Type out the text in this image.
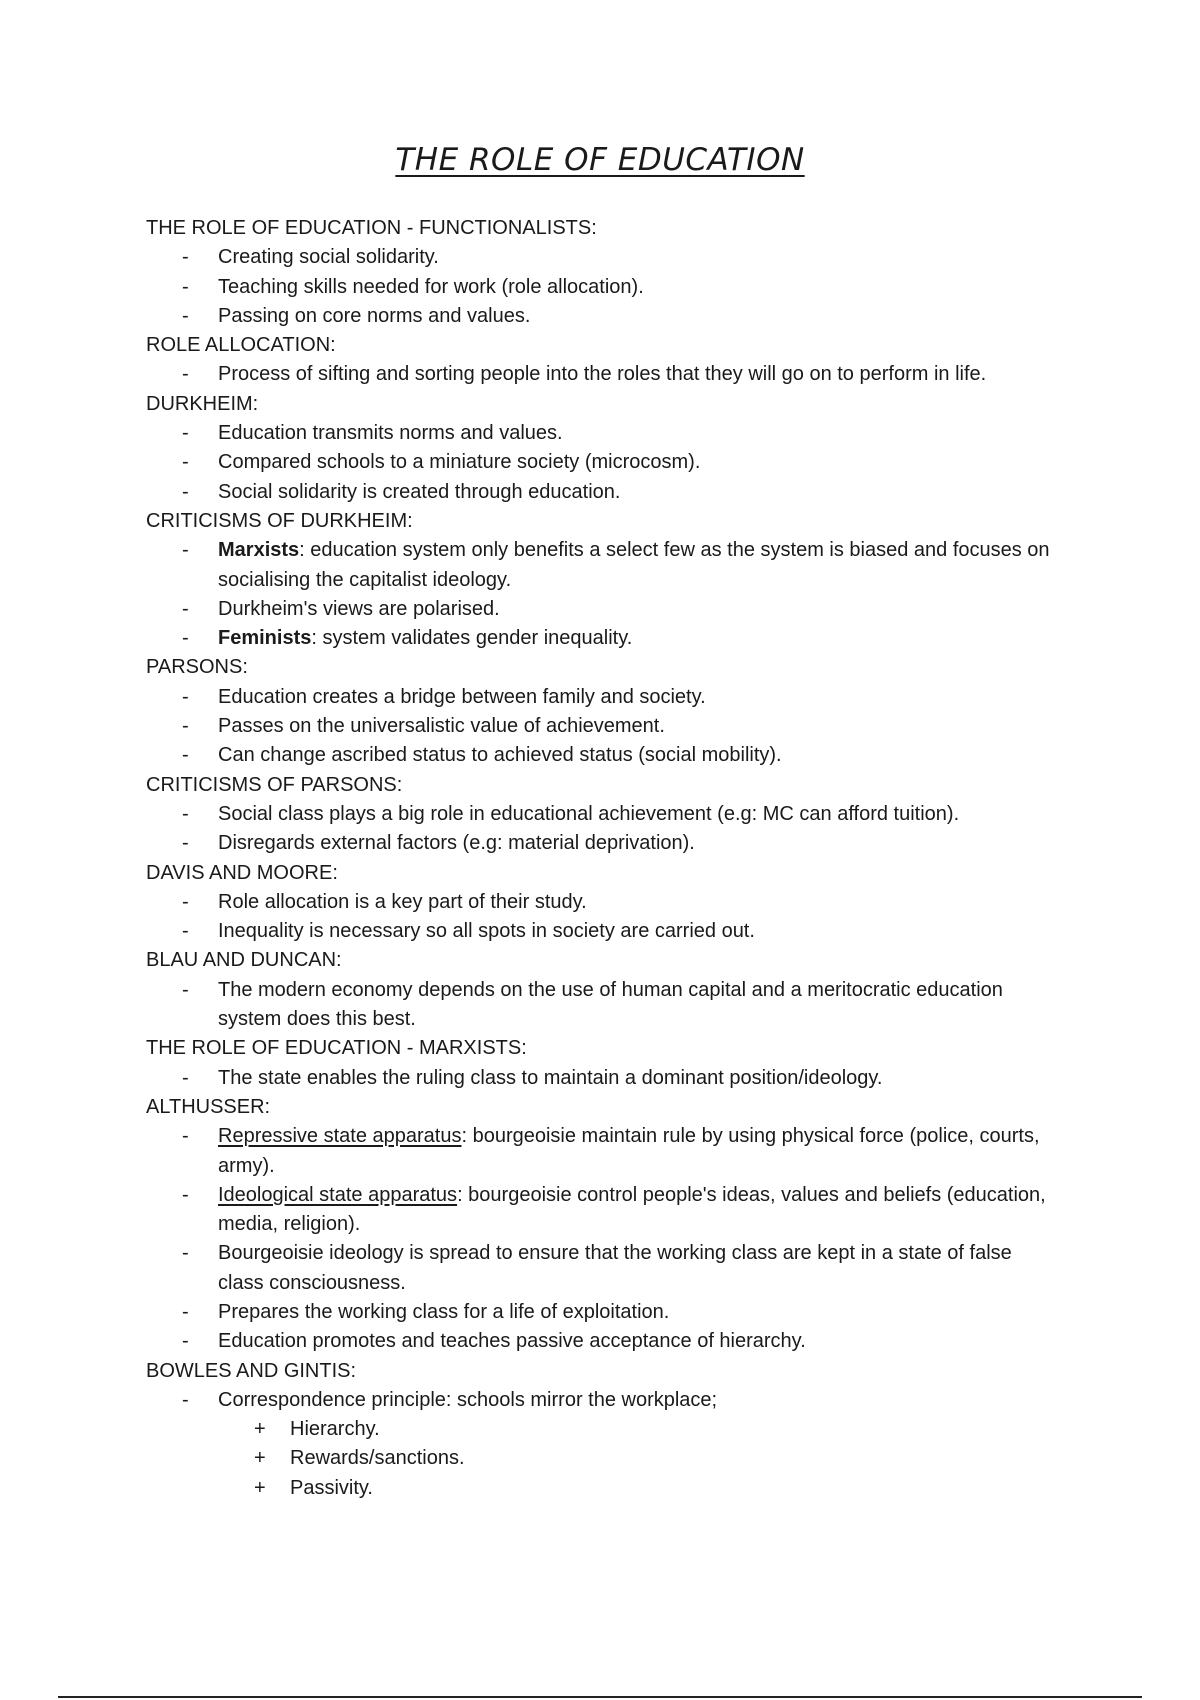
THE ROLE OF EDUCATION

THE ROLE OF EDUCATION - FUNCTIONALISTS:

- Creating social solidarity.
- Teaching skills needed for work (role allocation).
- Passing on core norms and values.

ROLE ALLOCATION:

- Process of sifting and sorting people into the roles that they will go on to perform in life.

DURKHEIM:

- Education transmits norms and values.
- Compared schools to a miniature society (microcosm).
- Social solidarity is created through education.

CRITICISMS OF DURKHEIM:

- Marxists: education system only benefits a select few as the system is biased and focuses on socialising the capitalist ideology.
- Durkheim's views are polarised.
- Feminists: system validates gender inequality.

PARSONS:

- Education creates a bridge between family and society.
- Passes on the universalistic value of achievement.
- Can change ascribed status to achieved status (social mobility).

CRITICISMS OF PARSONS:

- Social class plays a big role in educational achievement (e.g: MC can afford tuition).
- Disregards external factors (e.g: material deprivation).

DAVIS AND MOORE:

- Role allocation is a key part of their study.
- Inequality is necessary so all spots in society are carried out.

BLAU AND DUNCAN:

- The modern economy depends on the use of human capital and a meritocratic education system does this best.

THE ROLE OF EDUCATION - MARXISTS:

- The state enables the ruling class to maintain a dominant position/ideology.

ALTHUSSER:

- Repressive state apparatus: bourgeoisie maintain rule by using physical force (police, courts, army).
- Ideological state apparatus: bourgeoisie control people's ideas, values and beliefs (education, media, religion).
- Bourgeoisie ideology is spread to ensure that the working class are kept in a state of false class consciousness.
- Prepares the working class for a life of exploitation.
- Education promotes and teaches passive acceptance of hierarchy.

BOWLES AND GINTIS:

- Correspondence principle: schools mirror the workplace;
+ Hierarchy.
+ Rewards/sanctions.
+ Passivity.
